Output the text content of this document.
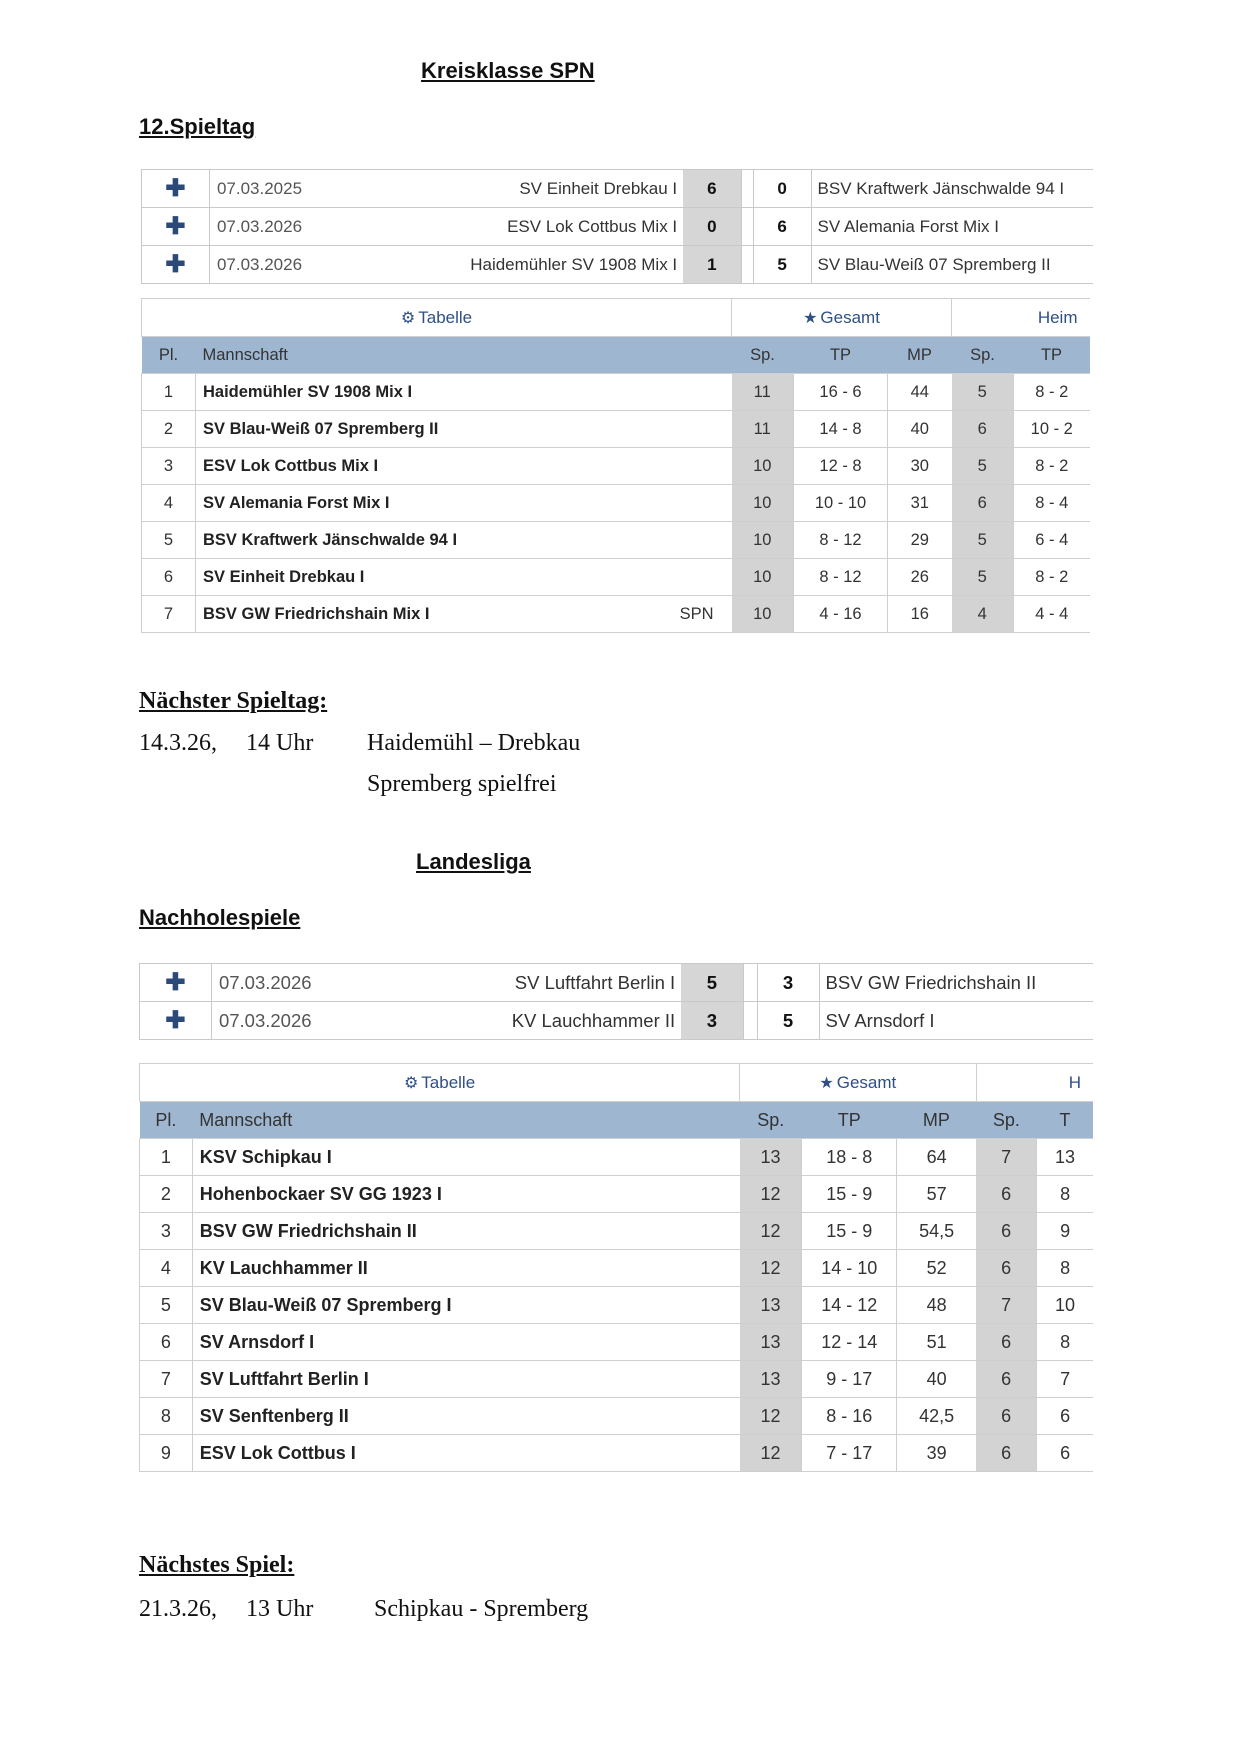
Kreisklasse SPN
12.Spieltag
✚	07.03.2025	SV Einheit Drebkau I	6		0	BSV Kraftwerk Jänschwalde 94 I
✚	07.03.2026	ESV Lok Cottbus Mix I	0		6	SV Alemania Forst Mix I
✚	07.03.2026	Haidemühler SV 1908 Mix I	1		5	SV Blau-Weiß 07 Spremberg II
⚙ Tabelle			★ Gesamt			Heim	
Pl.	Mannschaft		Sp.	TP	MP	Sp.	TP
1	Haidemühler SV 1908 Mix I		11	16 - 6	44	5	8 - 2
2	SV Blau-Weiß 07 Spremberg II		11	14 - 8	40	6	10 - 2
3	ESV Lok Cottbus Mix I		10	12 - 8	30	5	8 - 2
4	SV Alemania Forst Mix I		10	10 - 10	31	6	8 - 4
5	BSV Kraftwerk Jänschwalde 94 I		10	8 - 12	29	5	6 - 4
6	SV Einheit Drebkau I		10	8 - 12	26	5	8 - 2
7	BSV GW Friedrichshain Mix I	SPN	10	4 - 16	16	4	4 - 4
Nächster Spieltag:
14.3.26, 14 Uhr Haidemühl – Drebkau
Spremberg spielfrei
Landesliga
Nachholespiele
✚	07.03.2026	SV Luftfahrt Berlin I	5		3	BSV GW Friedrichshain II
✚	07.03.2026	KV Lauchhammer II	3		5	SV Arnsdorf I
⚙ Tabelle		★ Gesamt			H	
Pl.	Mannschaft	Sp.	TP	MP	Sp.	T
1	KSV Schipkau I	13	18 - 8	64	7	13
2	Hohenbockaer SV GG 1923 I	12	15 - 9	57	6	8
3	BSV GW Friedrichshain II	12	15 - 9	54,5	6	9
4	KV Lauchhammer II	12	14 - 10	52	6	8
5	SV Blau-Weiß 07 Spremberg I	13	14 - 12	48	7	10
6	SV Arnsdorf I	13	12 - 14	51	6	8
7	SV Luftfahrt Berlin I	13	9 - 17	40	6	7
8	SV Senftenberg II	12	8 - 16	42,5	6	6
9	ESV Lok Cottbus I	12	7 - 17	39	6	6
Nächstes Spiel:
21.3.26, 13 Uhr	Schipkau - Spremberg
